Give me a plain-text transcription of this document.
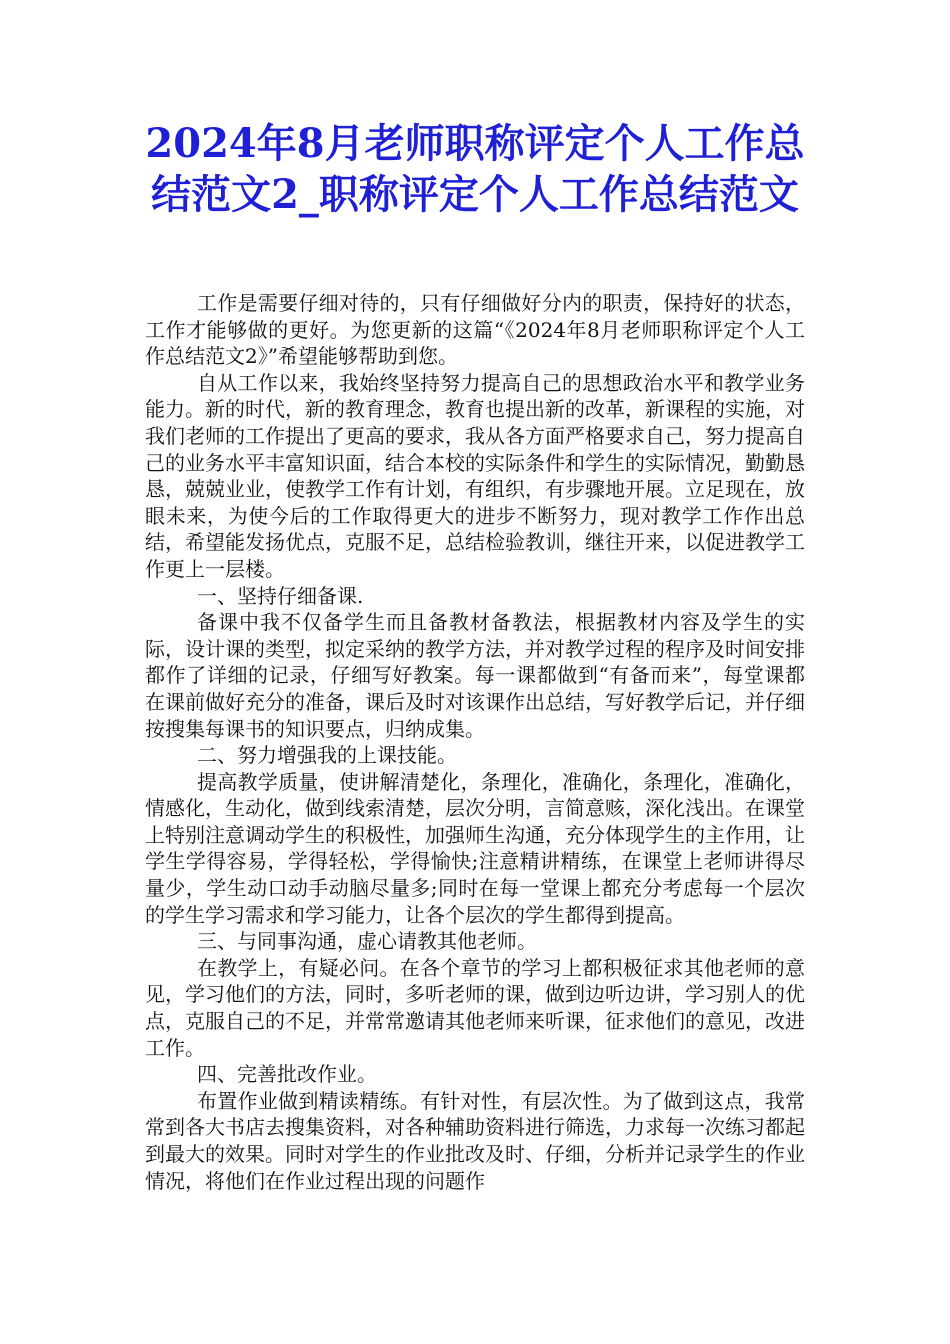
2024年8月老师职称评定个人工作总结范文2_职称评定个人工作总结范文

工作是需要仔细对待的，只有仔细做好分内的职责，保持好的状态，工作才能够做的更好。为您更新的这篇“《2024年8月老师职称评定个人工作总结范文2》”希望能够帮助到您。

自从工作以来，我始终坚持努力提高自己的思想政治水平和教学业务能力。新的时代，新的教育理念，教育也提出新的改革，新课程的实施，对我们老师的工作提出了更高的要求，我从各方面严格要求自己，努力提高自己的业务水平丰富知识面，结合本校的实际条件和学生的实际情况，勤勤恳恳，兢兢业业，使教学工作有计划，有组织，有步骤地开展。立足现在，放眼未来，为使今后的工作取得更大的进步不断努力，现对教学工作作出总结，希望能发扬优点，克服不足，总结检验教训，继往开来，以促进教学工作更上一层楼。

一、坚持仔细备课.

备课中我不仅备学生而且备教材备教法，根据教材内容及学生的实际，设计课的类型，拟定采纳的教学方法，并对教学过程的程序及时间安排都作了详细的记录，仔细写好教案。每一课都做到“有备而来”，每堂课都在课前做好充分的准备，课后及时对该课作出总结，写好教学后记，并仔细按搜集每课书的知识要点，归纳成集。

二、努力增强我的上课技能。

提高教学质量，使讲解清楚化，条理化，准确化，条理化，准确化，情感化，生动化，做到线索清楚，层次分明，言简意赅，深化浅出。在课堂上特别注意调动学生的积极性，加强师生沟通，充分体现学生的主作用，让学生学得容易，学得轻松，学得愉快;注意精讲精练，在课堂上老师讲得尽量少，学生动口动手动脑尽量多;同时在每一堂课上都充分考虑每一个层次的学生学习需求和学习能力，让各个层次的学生都得到提高。

三、与同事沟通，虚心请教其他老师。

在教学上，有疑必问。在各个章节的学习上都积极征求其他老师的意见，学习他们的方法，同时，多听老师的课，做到边听边讲，学习别人的优点，克服自己的不足，并常常邀请其他老师来听课，征求他们的意见，改进工作。

四、完善批改作业。

布置作业做到精读精练。有针对性，有层次性。为了做到这点，我常常到各大书店去搜集资料，对各种辅助资料进行筛选，力求每一次练习都起到最大的效果。同时对学生的作业批改及时、仔细，分析并记录学生的作业情况，将他们在作业过程出现的问题作
